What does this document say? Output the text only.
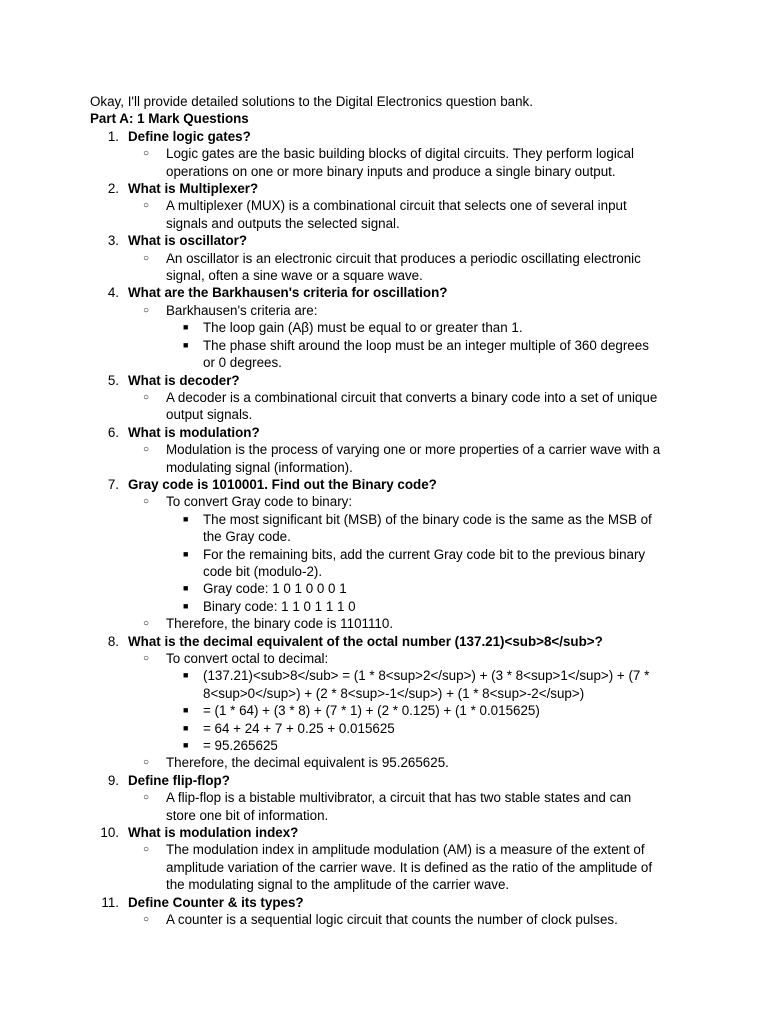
Okay, I'll provide detailed solutions to the Digital Electronics question bank.
Part A: 1 Mark Questions
1. Define logic gates?
○ Logic gates are the basic building blocks of digital circuits. They perform logical
operations on one or more binary inputs and produce a single binary output.
2. What is Multiplexer?
○ A multiplexer (MUX) is a combinational circuit that selects one of several input
signals and outputs the selected signal.
3. What is oscillator?
○ An oscillator is an electronic circuit that produces a periodic oscillating electronic
signal, often a sine wave or a square wave.
4. What are the Barkhausen's criteria for oscillation?
○ Barkhausen's criteria are:
■ The loop gain (Aβ) must be equal to or greater than 1.
■ The phase shift around the loop must be an integer multiple of 360 degrees
or 0 degrees.
5. What is decoder?
○ A decoder is a combinational circuit that converts a binary code into a set of unique
output signals.
6. What is modulation?
○ Modulation is the process of varying one or more properties of a carrier wave with a
modulating signal (information).
7. Gray code is 1010001. Find out the Binary code?
○ To convert Gray code to binary:
■ The most significant bit (MSB) of the binary code is the same as the MSB of
the Gray code.
■ For the remaining bits, add the current Gray code bit to the previous binary
code bit (modulo-2).
■ Gray code: 1 0 1 0 0 0 1
■ Binary code: 1 1 0 1 1 1 0
○ Therefore, the binary code is 1101110.
8. What is the decimal equivalent of the octal number (137.21)<sub>8</sub>?
○ To convert octal to decimal:
■ (137.21)<sub>8</sub> = (1 * 8<sup>2</sup>) + (3 * 8<sup>1</sup>) + (7 *
8<sup>0</sup>) + (2 * 8<sup>-1</sup>) + (1 * 8<sup>-2</sup>)
■ = (1 * 64) + (3 * 8) + (7 * 1) + (2 * 0.125) + (1 * 0.015625)
■ = 64 + 24 + 7 + 0.25 + 0.015625
■ = 95.265625
○ Therefore, the decimal equivalent is 95.265625.
9. Define flip-flop?
○ A flip-flop is a bistable multivibrator, a circuit that has two stable states and can
store one bit of information.
10. What is modulation index?
○ The modulation index in amplitude modulation (AM) is a measure of the extent of
amplitude variation of the carrier wave. It is defined as the ratio of the amplitude of
the modulating signal to the amplitude of the carrier wave.
11. Define Counter & its types?
○ A counter is a sequential logic circuit that counts the number of clock pulses.
